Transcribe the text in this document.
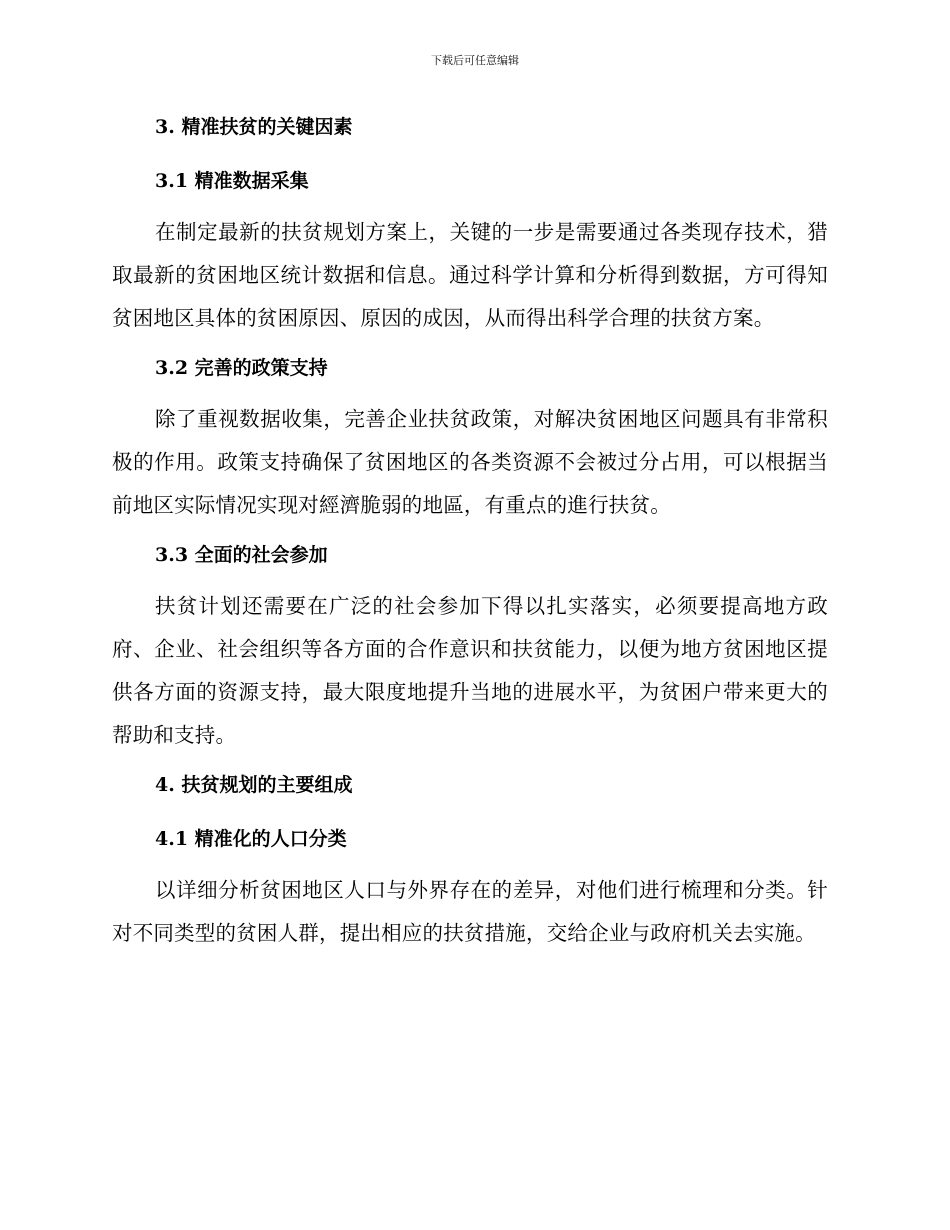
下载后可任意编辑
3. 精准扶贫的关键因素
3.1 精准数据采集

在制定最新的扶贫规划方案上，关键的一步是需要通过各类现存技术，猎取最新的贫困地区统计数据和信息。通过科学计算和分析得到数据，方可得知贫困地区具体的贫困原因、原因的成因，从而得出科学合理的扶贫方案。

3.2 完善的政策支持

除了重视数据收集，完善企业扶贫政策，对解决贫困地区问题具有非常积极的作用。政策支持确保了贫困地区的各类资源不会被过分占用，可以根据当前地区实际情况实现对經濟脆弱的地區，有重点的進行扶贫。

3.3 全面的社会参加

扶贫计划还需要在广泛的社会参加下得以扎实落实，必须要提高地方政府、企业、社会组织等各方面的合作意识和扶贫能力，以便为地方贫困地区提供各方面的资源支持，最大限度地提升当地的进展水平，为贫困户带来更大的帮助和支持。

4. 扶贫规划的主要组成
4.1 精准化的人口分类

以详细分析贫困地区人口与外界存在的差异，对他们进行梳理和分类。针对不同类型的贫困人群，提出相应的扶贫措施，交给企业与政府机关去实施。
